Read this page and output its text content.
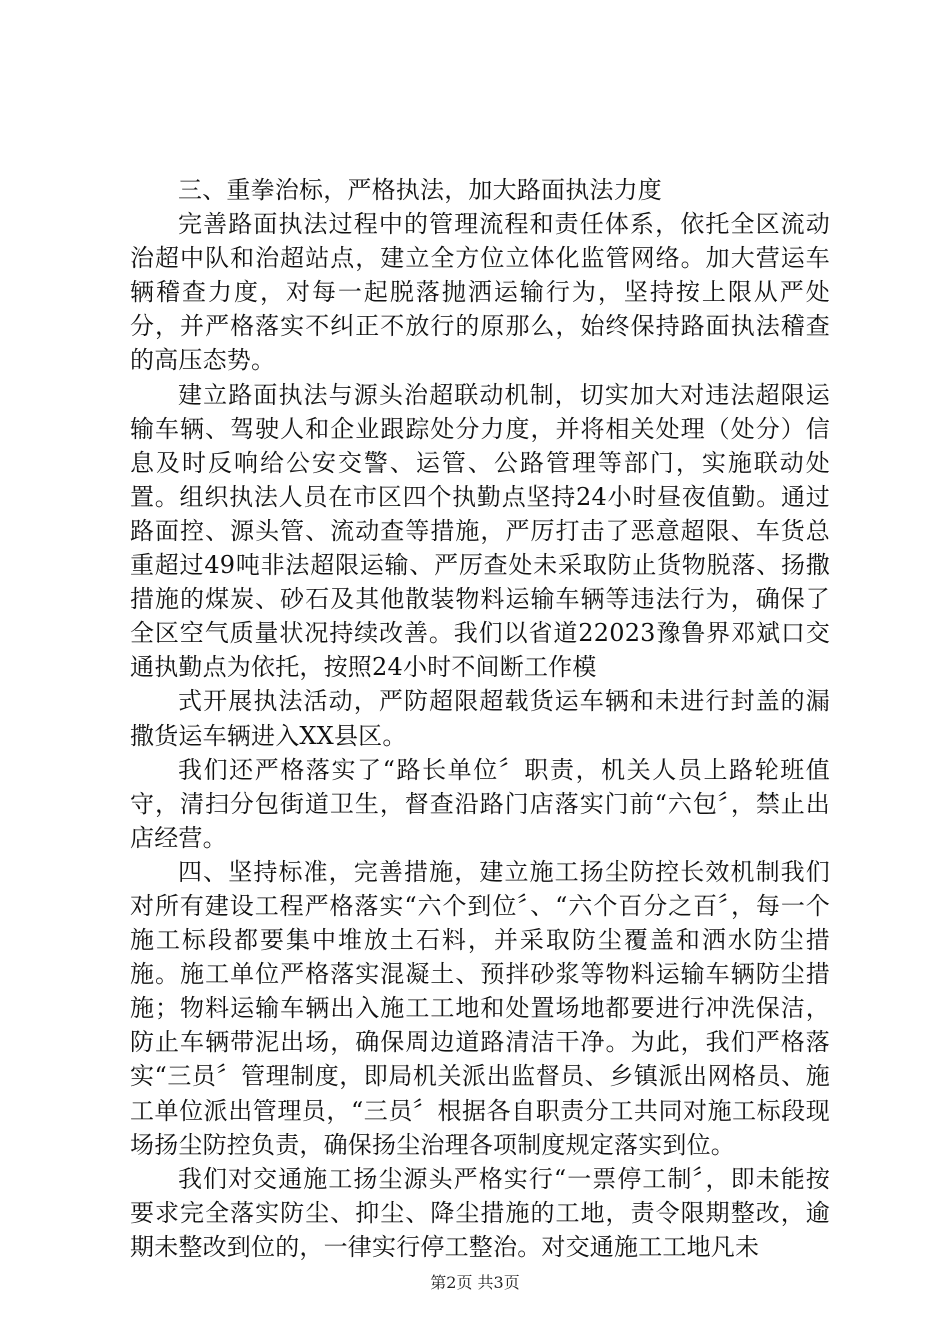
三、重拳治标，严格执法，加大路面执法力度

完善路面执法过程中的管理流程和责任体系，依托全区流动治超中队和治超站点，建立全方位立体化监管网络。加大营运车辆稽查力度，对每一起脱落抛洒运输行为，坚持按上限从严处分，并严格落实不纠正不放行的原那么，始终保持路面执法稽查的高压态势。

建立路面执法与源头治超联动机制，切实加大对违法超限运输车辆、驾驶人和企业跟踪处分力度，并将相关处理（处分）信息及时反响给公安交警、运管、公路管理等部门，实施联动处置。组织执法人员在市区四个执勤点坚持24小时昼夜值勤。通过路面控、源头管、流动查等措施，严厉打击了恶意超限、车货总重超过49吨非法超限运输、严厉查处未采取防止货物脱落、扬撒措施的煤炭、砂石及其他散装物料运输车辆等违法行为，确保了全区空气质量状况持续改善。我们以省道22023豫鲁界邓斌口交通执勤点为依托，按照24小时不间断工作模

式开展执法活动，严防超限超载货运车辆和未进行封盖的漏撒货运车辆进入XX县区。

我们还严格落实了“路长单位〞职责，机关人员上路轮班值守，清扫分包街道卫生，督查沿路门店落实门前“六包〞，禁止出店经营。

四、坚持标准，完善措施，建立施工扬尘防控长效机制我们对所有建设工程严格落实“六个到位〞、“六个百分之百〞，每一个施工标段都要集中堆放土石料，并采取防尘覆盖和洒水防尘措施。施工单位严格落实混凝土、预拌砂浆等物料运输车辆防尘措施；物料运输车辆出入施工工地和处置场地都要进行冲洗保洁，防止车辆带泥出场，确保周边道路清洁干净。为此，我们严格落实“三员〞管理制度，即局机关派出监督员、乡镇派出网格员、施工单位派出管理员，“三员〞根据各自职责分工共同对施工标段现场扬尘防控负责，确保扬尘治理各项制度规定落实到位。

我们对交通施工扬尘源头严格实行“一票停工制〞，即未能按要求完全落实防尘、抑尘、降尘措施的工地，责令限期整改，逾期未整改到位的，一律实行停工整治。对交通施工工地凡未

第2页 共3页
